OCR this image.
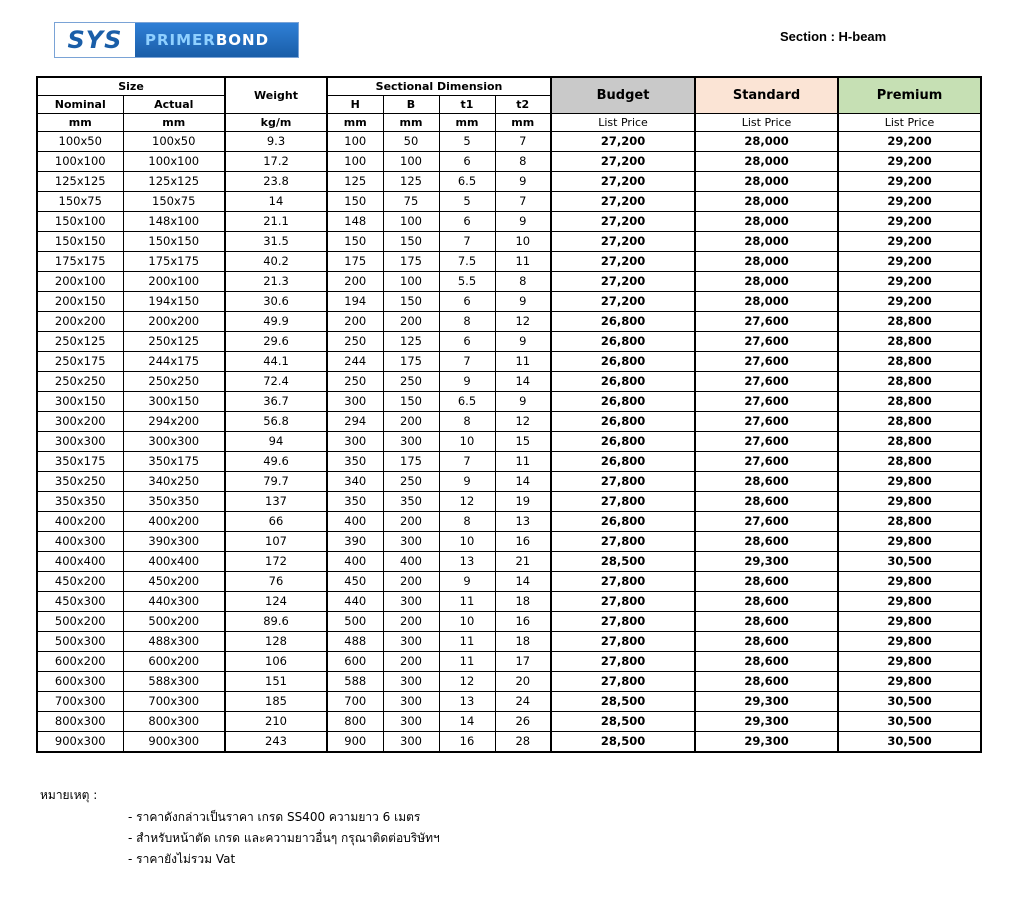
SYS	PRIMER BOND	Section : H-beam
Size		Weight	Sectional Dimension				Budget	Standard	Premium
Nominal	Actual		H	B	t1	t2			
mm	mm	kg/m	mm	mm	mm	mm	List Price	List Price	List Price
100x50	100x50	9.3	100	50	5	7	27,200	28,000	29,200
100x100	100x100	17.2	100	100	6	8	27,200	28,000	29,200
125x125	125x125	23.8	125	125	6.5	9	27,200	28,000	29,200
150x75	150x75	14	150	75	5	7	27,200	28,000	29,200
150x100	148x100	21.1	148	100	6	9	27,200	28,000	29,200
150x150	150x150	31.5	150	150	7	10	27,200	28,000	29,200
175x175	175x175	40.2	175	175	7.5	11	27,200	28,000	29,200
200x100	200x100	21.3	200	100	5.5	8	27,200	28,000	29,200
200x150	194x150	30.6	194	150	6	9	27,200	28,000	29,200
200x200	200x200	49.9	200	200	8	12	26,800	27,600	28,800
250x125	250x125	29.6	250	125	6	9	26,800	27,600	28,800
250x175	244x175	44.1	244	175	7	11	26,800	27,600	28,800
250x250	250x250	72.4	250	250	9	14	26,800	27,600	28,800
300x150	300x150	36.7	300	150	6.5	9	26,800	27,600	28,800
300x200	294x200	56.8	294	200	8	12	26,800	27,600	28,800
300x300	300x300	94	300	300	10	15	26,800	27,600	28,800
350x175	350x175	49.6	350	175	7	11	26,800	27,600	28,800
350x250	340x250	79.7	340	250	9	14	27,800	28,600	29,800
350x350	350x350	137	350	350	12	19	27,800	28,600	29,800
400x200	400x200	66	400	200	8	13	26,800	27,600	28,800
400x300	390x300	107	390	300	10	16	27,800	28,600	29,800
400x400	400x400	172	400	400	13	21	28,500	29,300	30,500
450x200	450x200	76	450	200	9	14	27,800	28,600	29,800
450x300	440x300	124	440	300	11	18	27,800	28,600	29,800
500x200	500x200	89.6	500	200	10	16	27,800	28,600	29,800
500x300	488x300	128	488	300	11	18	27,800	28,600	29,800
600x200	600x200	106	600	200	11	17	27,800	28,600	29,800
600x300	588x300	151	588	300	12	20	27,800	28,600	29,800
700x300	700x300	185	700	300	13	24	28,500	29,300	30,500
800x300	800x300	210	800	300	14	26	28,500	29,300	30,500
900x300	900x300	243	900	300	16	28	28,500	29,300	30,500
หมายเหตุ :
- ราคาดังกล่าวเป็นราคา เกรด SS400 ความยาว 6 เมตร
- สำหรับหน้าตัด เกรด และความยาวอื่นๆ กรุณาติดต่อบริษัทฯ
- ราคายังไม่รวม Vat
